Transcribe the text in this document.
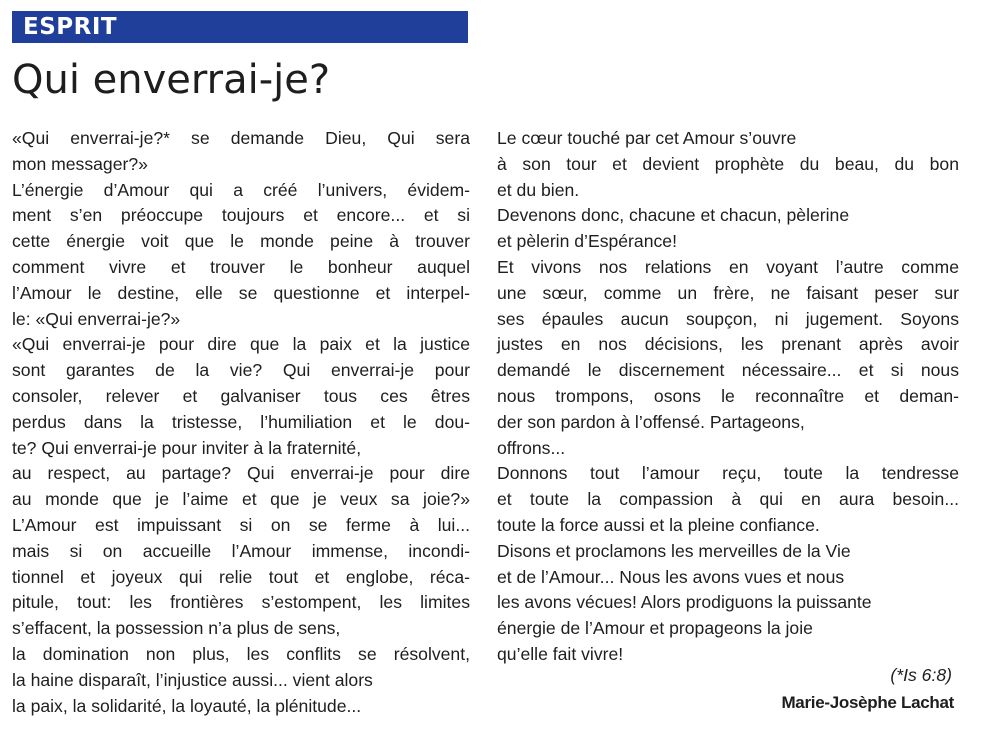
ESPRIT
Qui enverrai-je?
«Qui enverrai-je?* se demande Dieu, Qui sera
mon messager?»
L’énergie d’Amour qui a créé l’univers, évidem-
ment s’en préoccupe toujours et encore... et si
cette énergie voit que le monde peine à trouver
comment vivre et trouver le bonheur auquel
l’Amour le destine, elle se questionne et interpel-
le: «Qui enverrai-je?»
«Qui enverrai-je pour dire que la paix et la justice
sont garantes de la vie? Qui enverrai-je pour
consoler, relever et galvaniser tous ces êtres
perdus dans la tristesse, l’humiliation et le dou-
te? Qui enverrai-je pour inviter à la fraternité,
au respect, au partage? Qui enverrai-je pour dire
au monde que je l’aime et que je veux sa joie?»
L’Amour est impuissant si on se ferme à lui...
mais si on accueille l’Amour immense, incondi-
tionnel et joyeux qui relie tout et englobe, réca-
pitule, tout: les frontières s’estompent, les limites
s’effacent, la possession n’a plus de sens,
la domination non plus, les conflits se résolvent,
la haine disparaît, l’injustice aussi... vient alors
la paix, la solidarité, la loyauté, la plénitude...
Le cœur touché par cet Amour s’ouvre
à son tour et devient prophète du beau, du bon
et du bien.
Devenons donc, chacune et chacun, pèlerine
et pèlerin d’Espérance!
Et vivons nos relations en voyant l’autre comme
une sœur, comme un frère, ne faisant peser sur
ses épaules aucun soupçon, ni jugement. Soyons
justes en nos décisions, les prenant après avoir
demandé le discernement nécessaire... et si nous
nous trompons, osons le reconnaître et deman-
der son pardon à l’offensé. Partageons,
offrons...
Donnons tout l’amour reçu, toute la tendresse
et toute la compassion à qui en aura besoin...
toute la force aussi et la pleine confiance.
Disons et proclamons les merveilles de la Vie
et de l’Amour... Nous les avons vues et nous
les avons vécues! Alors prodiguons la puissante
énergie de l’Amour et propageons la joie
qu’elle fait vivre!
(*Is 6:8)
Marie-Josèphe Lachat
